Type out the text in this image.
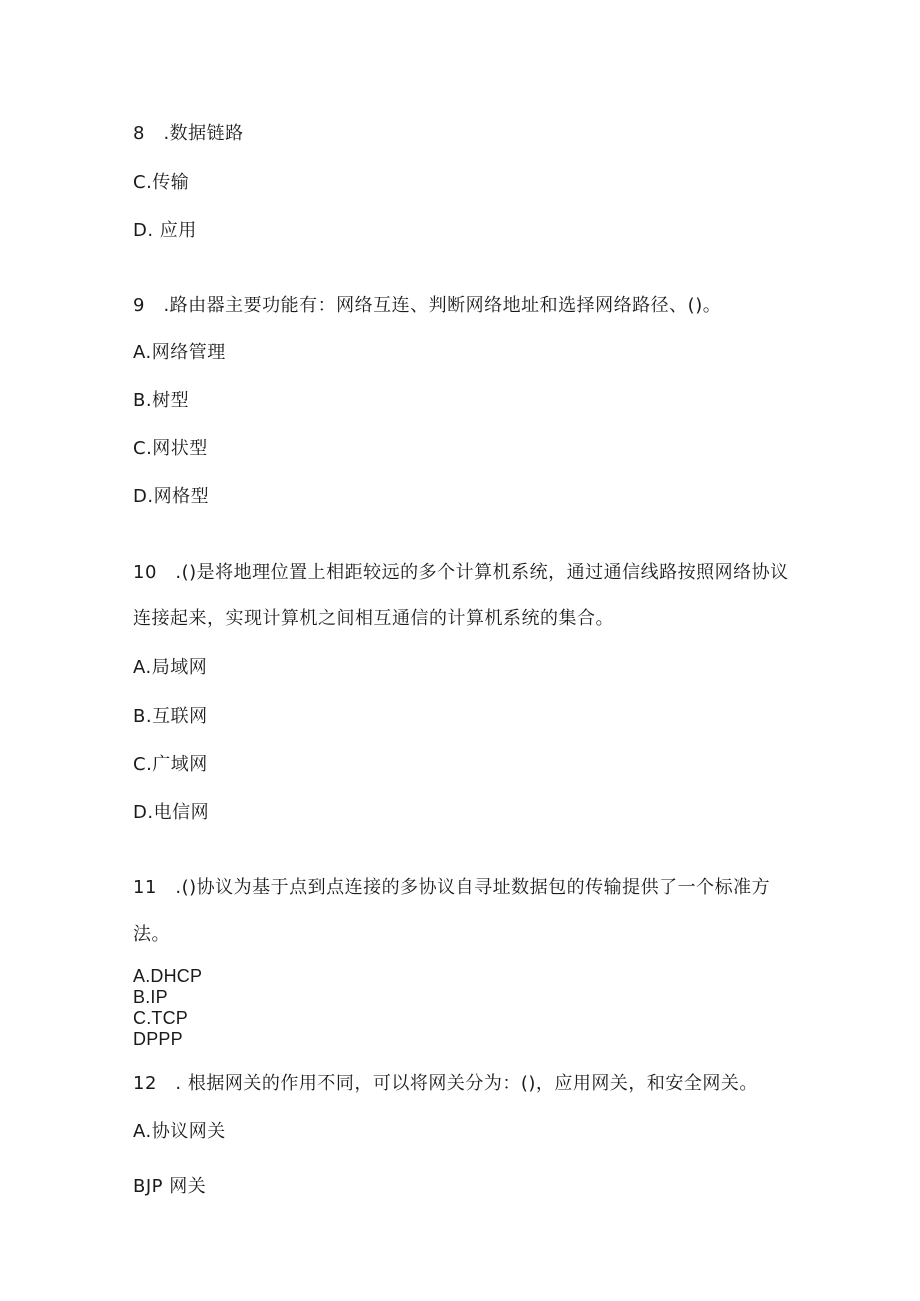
8　.数据链路
C.传输
D. 应用
9　.路由器主要功能有：网络互连、判断网络地址和选择网络路径、()。
A.网络管理
B.树型
C.网状型
D.网格型
10　.()是将地理位置上相距较远的多个计算机系统，通过通信线路按照网络协议
连接起来，实现计算机之间相互通信的计算机系统的集合。
A.局域网
B.互联网
C.广域网
D.电信网
11　.()协议为基于点到点连接的多协议自寻址数据包的传输提供了一个标准方
法。
A.DHCP
B.IP
C.TCP
DPPP
12　. 根据网关的作用不同，可以将网关分为：()，应用网关，和安全网关。
A.协议网关
BJP 网关
